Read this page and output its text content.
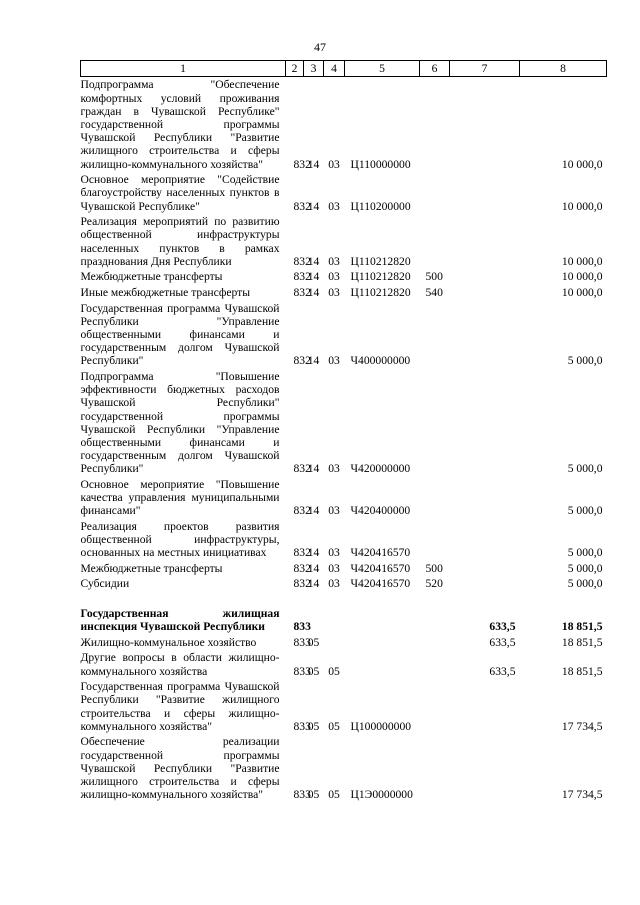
47
1	2	3	4	5	6	7	8
Подпрограмма "Обеспечение комфортных условий проживания граждан в Чувашской Республике" государственной программы Чувашской Республики "Развитие жилищного строительства и сферы жилищно-коммунального хозяйства"	832	14	03	Ц110000000			10 000,0
Основное мероприятие "Содействие благоустройству населенных пунктов в Чувашской Республике"	832	14	03	Ц110200000			10 000,0
Реализация мероприятий по развитию общественной инфраструктуры населенных пунктов в рамках празднования Дня Республики	832	14	03	Ц110212820			10 000,0
Межбюджетные трансферты	832	14	03	Ц110212820	500		10 000,0
Иные межбюджетные трансферты	832	14	03	Ц110212820	540		10 000,0
Государственная программа Чувашской Республики "Управление общественными финансами и государственным долгом Чувашской Республики"	832	14	03	Ч400000000			5 000,0
Подпрограмма "Повышение эффективности бюджетных расходов Чувашской Республики" государственной программы Чувашской Республики "Управление общественными финансами и государственным долгом Чувашской Республики"	832	14	03	Ч420000000			5 000,0
Основное мероприятие "Повышение качества управления муниципальными финансами"	832	14	03	Ч420400000			5 000,0
Реализация проектов развития общественной инфраструктуры, основанных на местных инициативах	832	14	03	Ч420416570			5 000,0
Межбюджетные трансферты	832	14	03	Ч420416570	500		5 000,0
Субсидии	832	14	03	Ч420416570	520		5 000,0

Государственная жилищная инспекция Чувашской Республики	833					633,5	18 851,5
Жилищно-коммунальное хозяйство	833	05				633,5	18 851,5
Другие вопросы в области жилищно-коммунального хозяйства	833	05	05			633,5	18 851,5
Государственная программа Чувашской Республики "Развитие жилищного строительства и сферы жилищно-коммунального хозяйства"	833	05	05	Ц100000000			17 734,5
Обеспечение реализации государственной программы Чувашской Республики "Развитие жилищного строительства и сферы жилищно-коммунального хозяйства"	833	05	05	Ц1Э0000000			17 734,5
